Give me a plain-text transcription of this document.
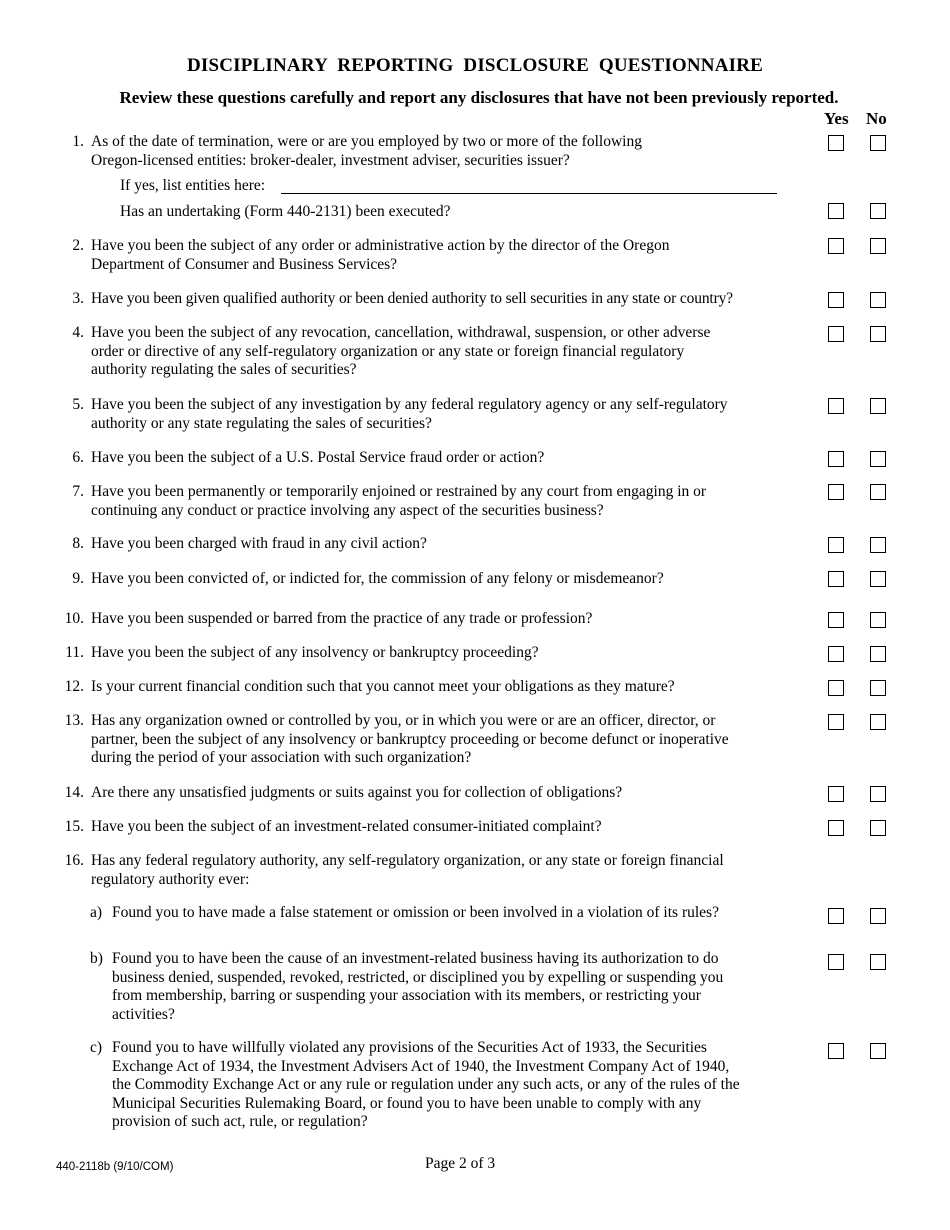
DISCIPLINARY REPORTING DISCLOSURE QUESTIONNAIRE
Review these questions carefully and report any disclosures that have not been previously reported.
Yes No
1. As of the date of termination, were or are you employed by two or more of the following
Oregon-licensed entities: broker-dealer, investment adviser, securities issuer?
If yes, list entities here:
Has an undertaking (Form 440-2131) been executed?
2. Have you been the subject of any order or administrative action by the director of the Oregon
Department of Consumer and Business Services?
3. Have you been given qualified authority or been denied authority to sell securities in any state or country?
4. Have you been the subject of any revocation, cancellation, withdrawal, suspension, or other adverse
order or directive of any self-regulatory organization or any state or foreign financial regulatory
authority regulating the sales of securities?
5. Have you been the subject of any investigation by any federal regulatory agency or any self-regulatory
authority or any state regulating the sales of securities?
6. Have you been the subject of a U.S. Postal Service fraud order or action?
7. Have you been permanently or temporarily enjoined or restrained by any court from engaging in or
continuing any conduct or practice involving any aspect of the securities business?
8. Have you been charged with fraud in any civil action?
9. Have you been convicted of, or indicted for, the commission of any felony or misdemeanor?
10. Have you been suspended or barred from the practice of any trade or profession?
11. Have you been the subject of any insolvency or bankruptcy proceeding?
12. Is your current financial condition such that you cannot meet your obligations as they mature?
13. Has any organization owned or controlled by you, or in which you were or are an officer, director, or
partner, been the subject of any insolvency or bankruptcy proceeding or become defunct or inoperative
during the period of your association with such organization?
14. Are there any unsatisfied judgments or suits against you for collection of obligations?
15. Have you been the subject of an investment-related consumer-initiated complaint?
16. Has any federal regulatory authority, any self-regulatory organization, or any state or foreign financial
regulatory authority ever:
a) Found you to have made a false statement or omission or been involved in a violation of its rules?
b) Found you to have been the cause of an investment-related business having its authorization to do
business denied, suspended, revoked, restricted, or disciplined you by expelling or suspending you
from membership, barring or suspending your association with its members, or restricting your
activities?
c) Found you to have willfully violated any provisions of the Securities Act of 1933, the Securities
Exchange Act of 1934, the Investment Advisers Act of 1940, the Investment Company Act of 1940,
the Commodity Exchange Act or any rule or regulation under any such acts, or any of the rules of the
Municipal Securities Rulemaking Board, or found you to have been unable to comply with any
provision of such act, rule, or regulation?
440-2118b (9/10/COM)	Page 2 of 3
